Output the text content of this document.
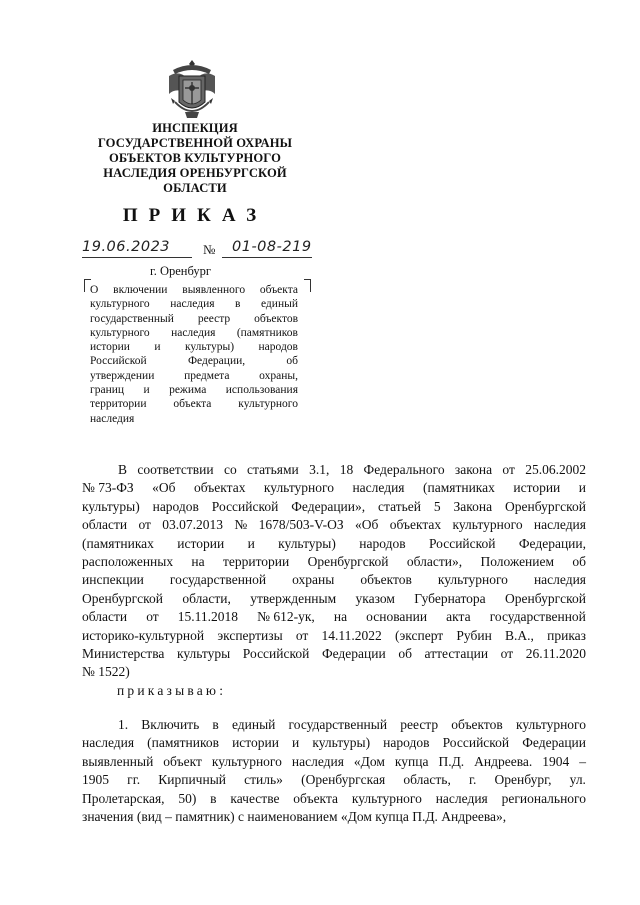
ИНСПЕКЦИЯ
ГОСУДАРСТВЕННОЙ ОХРАНЫ
ОБЪЕКТОВ КУЛЬТУРНОГО
НАСЛЕДИЯ ОРЕНБУРГСКОЙ
ОБЛАСТИ
ПРИКАЗ
19.06.2023	№ 01-08-219
г. Оренбург
О включении выявленного объекта
культурного наследия в единый
государственный реестр объектов
культурного наследия (памятников
истории и культуры) народов
Российской	Федерации,	об
утверждении	предмета	охраны,
границ и режима использования
территории объекта культурного
наследия
В соответствии со статьями 3.1, 18 Федерального закона от 25.06.2002
№ 73-ФЗ «Об объектах культурного наследия (памятниках истории и
культуры) народов Российской Федерации», статьей 5 Закона Оренбургской
области от 03.07.2013 № 1678/503-V-ОЗ «Об объектах культурного наследия
(памятниках истории и культуры) народов Российской Федерации,
расположенных на территории Оренбургской области», Положением об
инспекции государственной охраны объектов культурного наследия
Оренбургской области, утвержденным указом Губернатора Оренбургской
области от 15.11.2018 № 612-ук, на основании акта государственной
историко-культурной экспертизы от 14.11.2022 (эксперт Рубин В.А., приказ
Министерства культуры Российской Федерации об аттестации от 26.11.2020
№ 1522)
приказываю:
1. Включить в единый государственный реестр объектов культурного
наследия (памятников истории и культуры) народов Российской Федерации
выявленный объект культурного наследия «Дом купца П.Д. Андреева. 1904 –
1905 гг. Кирпичный стиль» (Оренбургская область, г. Оренбург, ул.
Пролетарская, 50) в качестве объекта культурного наследия регионального
значения (вид – памятник) с наименованием «Дом купца П.Д. Андреева»,
